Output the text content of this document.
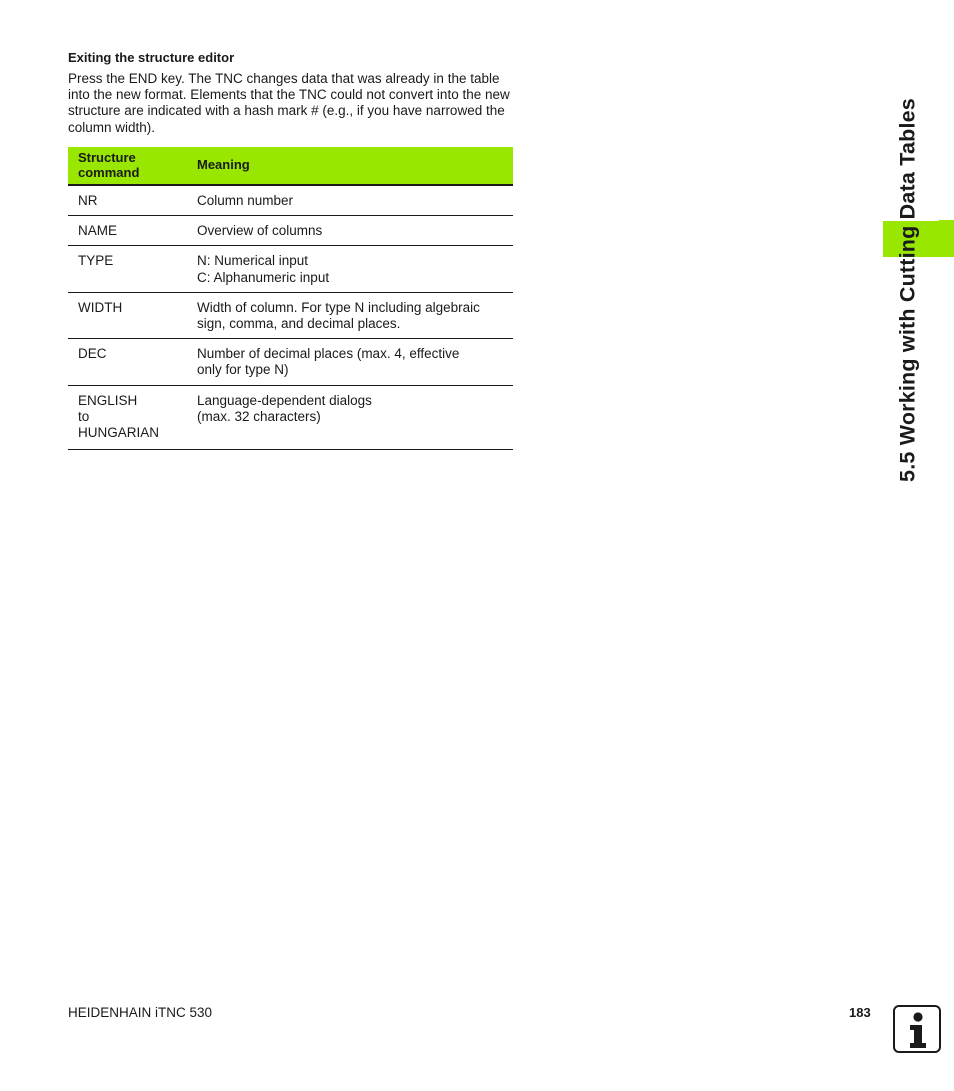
Exiting the structure editor

Press the END key. The TNC changes data that was already in the table into the new format. Elements that the TNC could not convert into the new structure are indicated with a hash mark # (e.g., if you have narrowed the column width).

Structure
command	Meaning
NR	Column number
NAME	Overview of columns
TYPE	N: Numerical input
C: Alphanumeric input
WIDTH	Width of column. For type N including algebraic
sign, comma, and decimal places.
DEC	Number of decimal places (max. 4, effective
only for type N)
ENGLISH
to
HUNGARIAN	Language-dependent dialogs
(max. 32 characters)	5.5 Working with Cutting Data Tables
HEIDENHAIN iTNC 530	183
